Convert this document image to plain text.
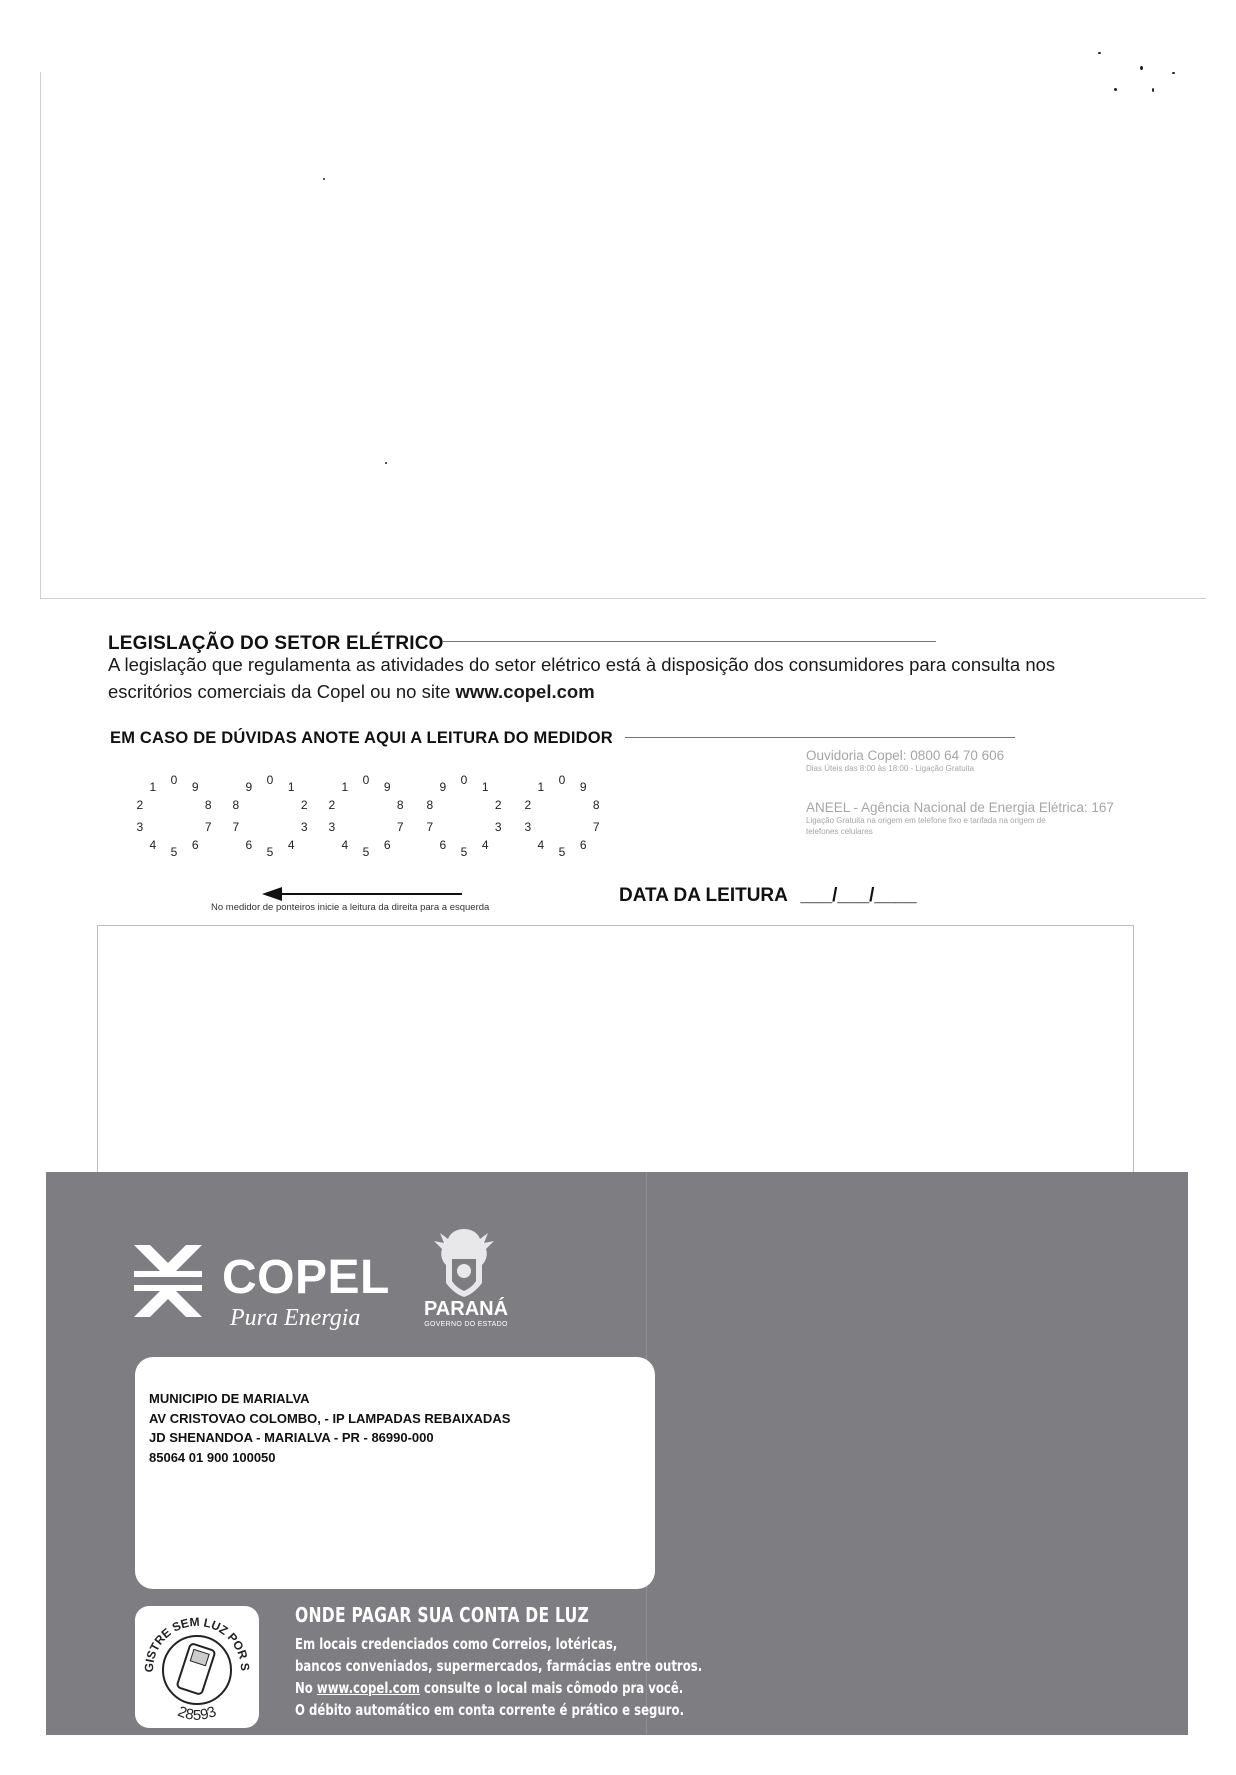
LEGISLAÇÃO DO SETOR ELÉTRICO
A legislação que regulamenta as atividades do setor elétrico está à disposição dos consumidores para consulta nos escritórios comerciais da Copel ou no site www.copel.com
EM CASO DE DÚVIDAS ANOTE AQUI A LEITURA DO MEDIDOR
0
1
2
3
4 5 6
7
8
9	0 1
2
3
4
5
6
7
8
9	0
1
2
3
4 5 6
7
8
9	0 1
2
3
4
5
6
7
8
9	0
1
2
3
4 5 6
7
8
9
No medidor de ponteiros inicie a leitura da direita para a esquerda
Ouvidoria Copel: 0800 64 70 606
Dias Úteis das 8:00 às 18:00 - Ligação Gratuita
ANEEL - Agência Nacional de Energia Elétrica: 167
Ligação Gratuita na origem em telefone fixo e tarifada na origem de
telefones celulares
DATA DA LEITURA ___/___/____
COPEL
Pura Energia	PARANÁ
GOVERNO DO ESTADO
MUNICIPIO DE MARIALVA
AV CRISTOVAO COLOMBO, - IP LAMPADAS REBAIXADAS
JD SHENANDOA - MARIALVA - PR - 86990-000
85064 01 900 100050
GISTRE SEM LUZ POR S
28593
ONDE PAGAR SUA CONTA DE LUZ
Em locais credenciados como Correios, lotéricas,
bancos conveniados, supermercados, farmácias entre outros.
No www.copel.com consulte o local mais cômodo pra você.
O débito automático em conta corrente é prático e seguro.
